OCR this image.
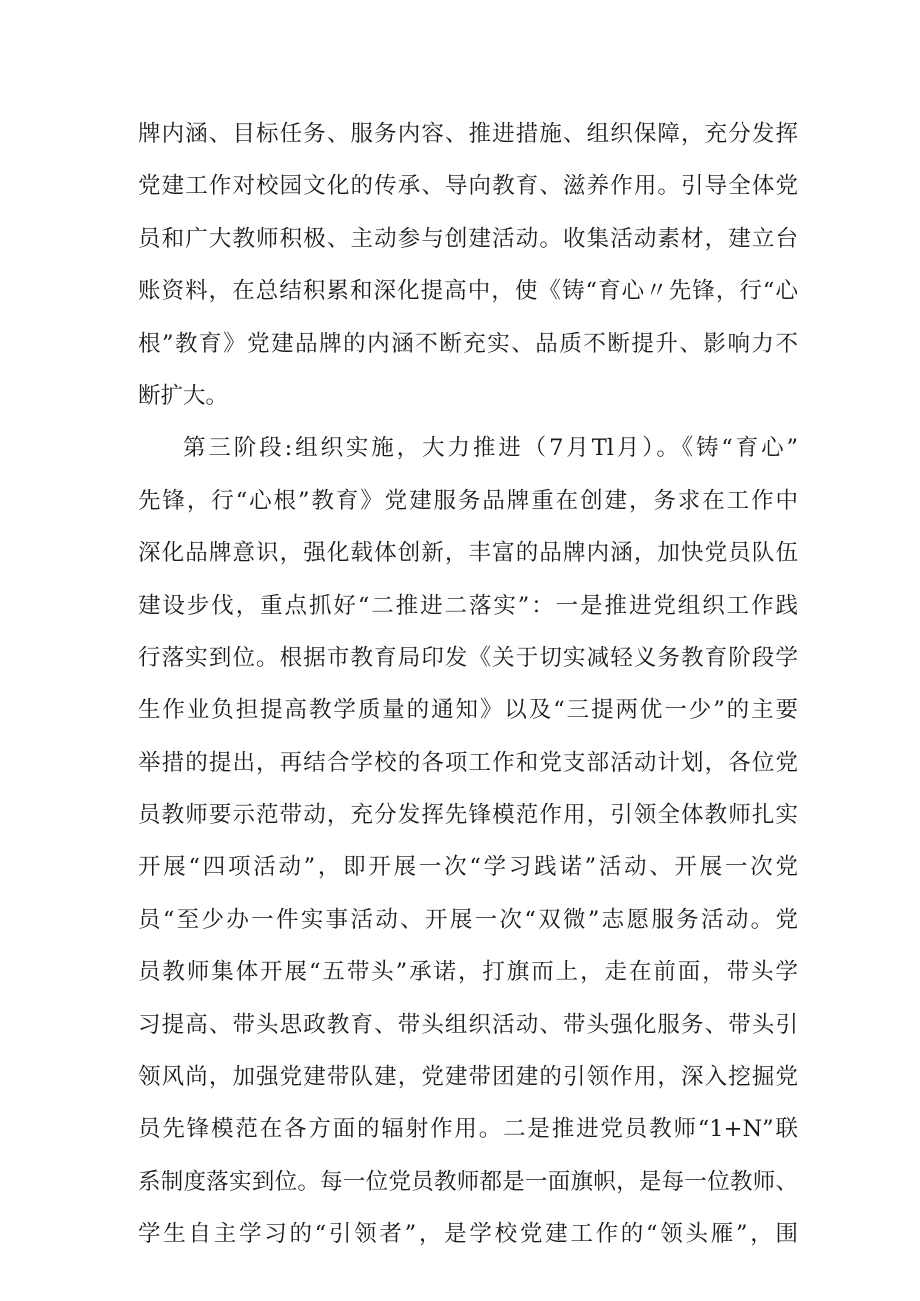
牌内涵、目标任务、服务内容、推进措施、组织保障，充分发挥
党建工作对校园文化的传承、导向教育、滋养作用。引导全体党
员和广大教师积极、主动参与创建活动。收集活动素材，建立台
账资料，在总结积累和深化提高中，使《铸“育心〃先锋，行“心
根”教育》党建品牌的内涵不断充实、品质不断提升、影响力不
断扩大。
第三阶段:组织实施，大力推进（7月Tl月）。《铸“育心”
先锋，行“心根”教育》党建服务品牌重在创建，务求在工作中
深化品牌意识，强化载体创新，丰富的品牌内涵，加快党员队伍
建设步伐，重点抓好“二推进二落实”：一是推进党组织工作践
行落实到位。根据市教育局印发《关于切实减轻义务教育阶段学
生作业负担提高教学质量的通知》以及“三提两优一少”的主要
举措的提出，再结合学校的各项工作和党支部活动计划，各位党
员教师要示范带动，充分发挥先锋模范作用，引领全体教师扎实
开展“四项活动”，即开展一次“学习践诺”活动、开展一次党
员“至少办一件实事活动、开展一次“双微”志愿服务活动。党
员教师集体开展“五带头”承诺，打旗而上，走在前面，带头学
习提高、带头思政教育、带头组织活动、带头强化服务、带头引
领风尚，加强党建带队建，党建带团建的引领作用，深入挖掘党
员先锋模范在各方面的辐射作用。二是推进党员教师“1+N”联
系制度落实到位。每一位党员教师都是一面旗帜，是每一位教师、
学生自主学习的“引领者”，是学校党建工作的“领头雁”，围
